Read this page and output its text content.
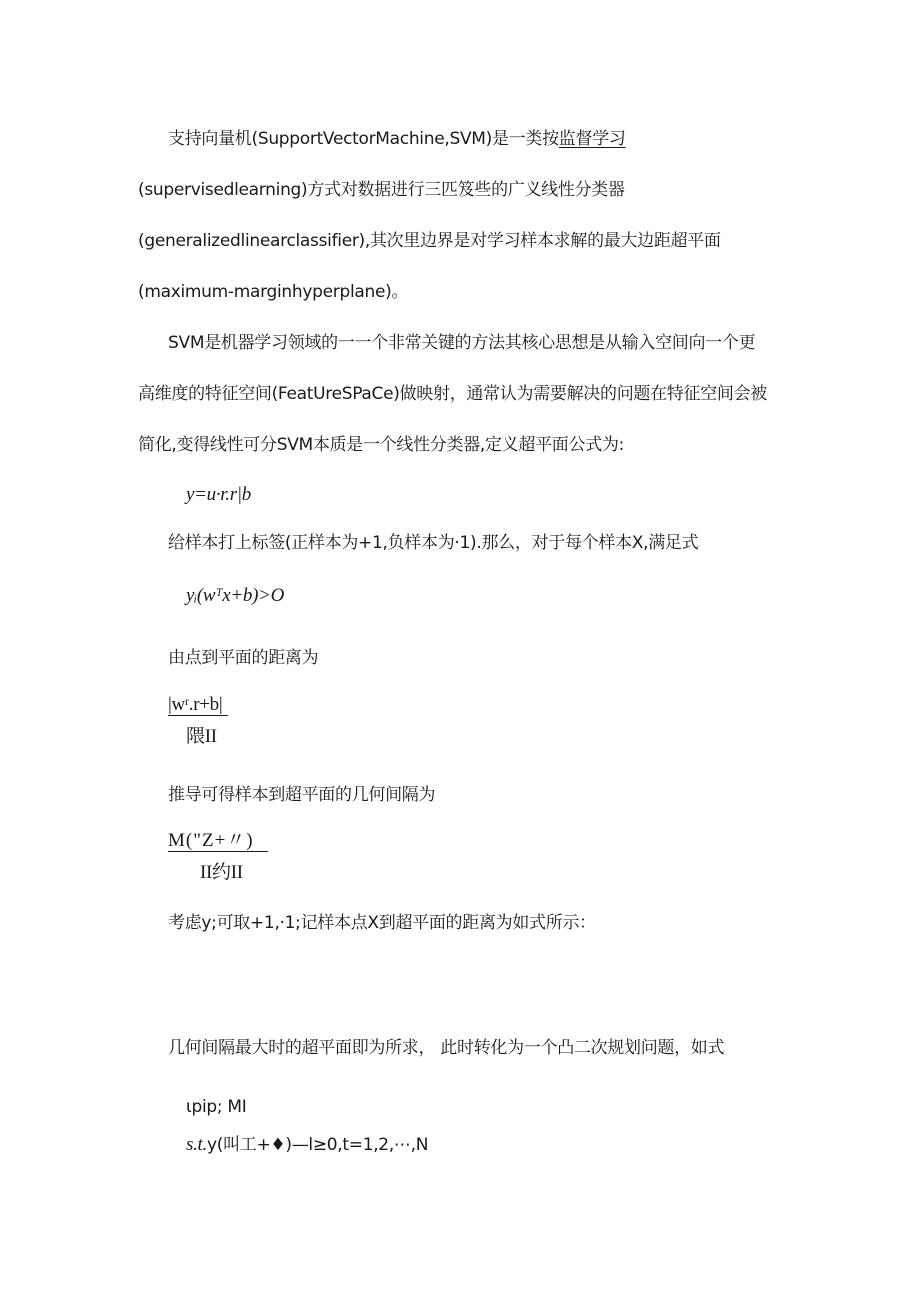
支持向量机(SupportVectorMachine,SVM)是一类按监督学习
(supervisedlearning)方式对数据进行三匹笈些的广义线性分类器
(generalizedlinearclassifier),其次里边界是对学习样本求解的最大边距超平面
(maximum-marginhyperplane)。
SVM是机器学习领域的一一个非常关键的方法其核心思想是从输入空间向一个更
高维度的特征空间(FeatUreSPaCe)做映射，通常认为需要解决的问题在特征空间会被
简化,变得线性可分SVM本质是一个线性分类器,定义超平面公式为:
y=u·r.r|b
给样本打上标签(正样本为+1,负样本为·1).那么，对于每个样本X,满足式
yᵢ(wᵀx+b)>O
由点到平面的距离为
|wʳ.r+b|
隈II
推导可得样本到超平面的几何间隔为
M("Z+〃)
II约II
考虑y;可取+1,·1;记样本点X到超平面的距离为如式所示：
几何间隔最大时的超平面即为所求， 此时转化为一个凸二次规划问题，如式
ιpip; MI
s.t.y(叫工+♦)—l≥0,t=1,2,⋯,N
